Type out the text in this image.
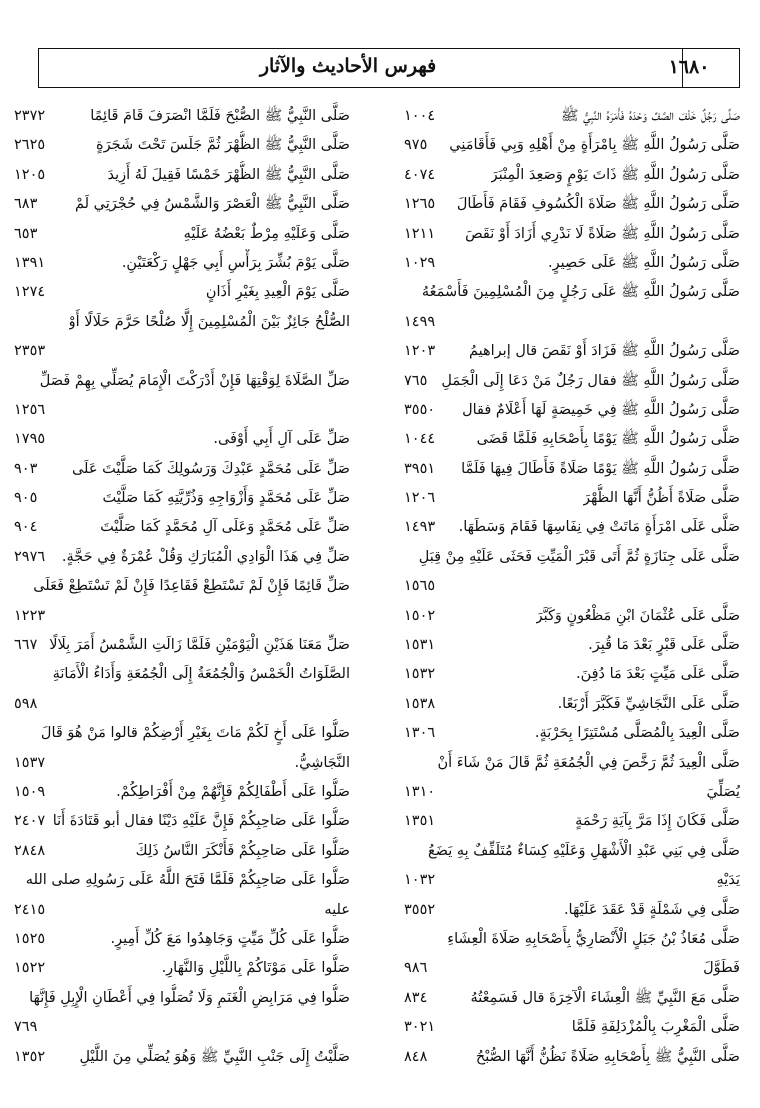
١٦٨٠
فهرس الأحاديث والآثار
صَلَّى رَجُلٌ خَلْفَ الصَّفِّ وَحْدَهُ فَأَمَرَهُ النَّبِيُّ ﷺ
١٠٠٤
صَلَّى رَسُولُ اللَّهِ ﷺ بِامْرَأَةٍ مِنْ أَهْلِهِ وَبِي فَأَقَامَنِي
٩٧٥
صَلَّى رَسُولُ اللَّهِ ﷺ ذَاتَ يَوْمٍ وَصَعِدَ الْمِنْبَرَ
٤٠٧٤
صَلَّى رَسُولُ اللَّهِ ﷺ صَلَاةَ الْكُسُوفِ فَقَامَ فَأَطَالَ
١٢٦٥
صَلَّى رَسُولُ اللَّهِ ﷺ صَلَاةً لَا نَدْرِي أَزَادَ أَوْ نَقَصَ
١٢١١
صَلَّى رَسُولُ اللَّهِ ﷺ عَلَى حَصِيرٍ.
١٠٢٩
صَلَّى رَسُولُ اللَّهِ ﷺ عَلَى رَجُلٍ مِنَ الْمُسْلِمِينَ فَأَسْمَعُهُ
١٤٩٩
صَلَّى رَسُولُ اللَّهِ ﷺ فَزَادَ أَوْ نَقَصَ قال إبراهيمُ
١٢٠٣
صَلَّى رَسُولُ اللَّهِ ﷺ فقال رَجُلٌ مَنْ دَعَا إِلَى الْجَمَلِ
٧٦٥
صَلَّى رَسُولُ اللَّهِ ﷺ فِي خَمِيصَةٍ لَهَا أَعْلَامٌ فقال
٣٥٥٠
صَلَّى رَسُولُ اللَّهِ ﷺ يَوْمًا بِأَصْحَابِهِ فَلَمَّا قَضَى
١٠٤٤
صَلَّى رَسُولُ اللَّهِ ﷺ يَوْمًا صَلَاةً فَأَطَالَ فِيهَا فَلَمَّا
٣٩٥١
صَلَّى صَلَاةً أَظُنُّ أَنَّهَا الظُّهْرَ
١٢٠٦
صَلَّى عَلَى امْرَأَةٍ مَاتَتْ فِي نِفَاسِهَا فَقَامَ وَسَطَهَا.
١٤٩٣
صَلَّى عَلَى جِنَازَةٍ ثُمَّ أَتَى قَبْرَ الْمَيِّتِ فَحَثَى عَلَيْهِ مِنْ قِبَلِ
١٥٦٥
صَلَّى عَلَى عُثْمَانَ ابْنِ مَظْعُونٍ وَكَبَّرَ
١٥٠٢
صَلَّى عَلَى قَبْرٍ بَعْدَ مَا قُبِرَ.
١٥٣١
صَلَّى عَلَى مَيِّتٍ بَعْدَ مَا دُفِنَ.
١٥٣٢
صَلَّى عَلَى النَّجَاشِيِّ فَكَبَّرَ أَرْبَعًا.
١٥٣٨
صَلَّى الْعِيدَ بِالْمُصَلَّى مُسْتَتِرًا بِحَرْبَةٍ.
١٣٠٦
صَلَّى الْعِيدَ ثُمَّ رَخَّصَ فِي الْجُمُعَةِ ثُمَّ قَالَ مَنْ شَاءَ أَنْ
يُصَلِّيَ
١٣١٠
صَلَّى فَكَانَ إِذَا مَرَّ بِآيَةِ رَحْمَةٍ
١٣٥١
صَلَّى فِي بَنِي عَبْدِ الْأَشْهَلِ وَعَلَيْهِ كِسَاءٌ مُتَلَفِّفٌ بِهِ يَضَعُ
يَدَيْهِ
١٠٣٢
صَلَّى فِي شَمْلَةٍ قَدْ عَقَدَ عَلَيْهَا.
٣٥٥٢
صَلَّى مُعَاذُ بْنُ جَبَلٍ الْأَنْصَارِيُّ بِأَصْحَابِهِ صَلَاةَ الْعِشَاءِ
فَطَوَّلَ
٩٨٦
صَلَّى مَعَ النَّبِيِّ ﷺ الْعِشَاءَ الْآخِرَةَ قال فَسَمِعْتُهُ
٨٣٤
صَلَّى الْمَغْرِبَ بِالْمُزْدَلِفَةِ فَلَمَّا
٣٠٢١
صَلَّى النَّبِيُّ ﷺ بِأَصْحَابِهِ صَلَاةً نَظُنُّ أَنَّهَا الصُّبْحُ
٨٤٨
صَلَّى النَّبِيُّ ﷺ الصُّبْحَ فَلَمَّا انْصَرَفَ قَامَ قَائِمًا
٢٣٧٢
صَلَّى النَّبِيُّ ﷺ الظُّهْرَ ثُمَّ جَلَسَ تَحْتَ شَجَرَةٍ
٢٦٢٥
صَلَّى النَّبِيُّ ﷺ الظُّهْرَ خَمْسًا فَقِيلَ لَهُ أَزِيدَ
١٢٠٥
صَلَّى النَّبِيُّ ﷺ الْعَصْرَ وَالشَّمْسُ فِي حُجْرَتِي لَمْ
٦٨٣
صَلَّى وَعَلَيْهِ مِرْطٌ بَعْضُهُ عَلَيْهِ
٦٥٣
صَلَّى يَوْمَ بُشِّرَ بِرَأْسِ أَبِي جَهْلٍ رَكْعَتَيْنِ.
١٣٩١
صَلَّى يَوْمَ الْعِيدِ بِغَيْرِ أَذَانٍ
١٢٧٤
الصُّلْحُ جَائِزٌ بَيْنَ الْمُسْلِمِينَ إِلَّا صُلْحًا حَرَّمَ حَلَالًا أَوْ
٢٣٥٣
صَلِّ الصَّلَاةَ لِوَقْتِهَا فَإِنْ أَدْرَكْتَ الْإِمَامَ يُصَلِّي بِهِمْ فَصَلِّ
١٢٥٦
صَلِّ عَلَى آلِ أَبِي أَوْفَى.
١٧٩٥
صَلِّ عَلَى مُحَمَّدٍ عَبْدِكَ وَرَسُولِكَ كَمَا صَلَّيْتَ عَلَى
٩٠٣
صَلِّ عَلَى مُحَمَّدٍ وَأَزْوَاجِهِ وَذُرِّيَّتِهِ كَمَا صَلَّيْتَ
٩٠٥
صَلِّ عَلَى مُحَمَّدٍ وَعَلَى آلِ مُحَمَّدٍ كَمَا صَلَّيْتَ
٩٠٤
صَلِّ فِي هَذَا الْوَادِي الْمُبَارَكِ وَقُلْ عُمْرَةٌ فِي حَجَّةٍ.
٢٩٧٦
صَلِّ قَائِمًا فَإِنْ لَمْ تَسْتَطِعْ فَقَاعِدًا فَإِنْ لَمْ تَسْتَطِعْ فَعَلَى
١٢٢٣
صَلِّ مَعَنَا هَذَيْنِ الْيَوْمَيْنِ فَلَمَّا زَالَتِ الشَّمْسُ أَمَرَ بِلَالًا
٦٦٧
الصَّلَوَاتُ الْخَمْسُ وَالْجُمُعَةُ إِلَى الْجُمُعَةِ وَأَدَاءُ الْأَمَانَةِ
٥٩٨
صَلُّوا عَلَى أَخٍ لَكُمْ مَاتَ بِغَيْرِ أَرْضِكُمْ قالوا مَنْ هُوَ قَالَ
النَّجَاشِيُّ.
١٥٣٧
صَلُّوا عَلَى أَطْفَالِكُمْ فَإِنَّهُمْ مِنْ أَفْرَاطِكُمْ.
١٥٠٩
صَلُّوا عَلَى صَاحِبِكُمْ فَإِنَّ عَلَيْهِ دَيْنًا فقال أبو قَتَادَةَ أَنَا
٢٤٠٧
صَلُّوا عَلَى صَاحِبِكُمْ فَأَنْكَرَ النَّاسُ ذَلِكَ
٢٨٤٨
صَلُّوا عَلَى صَاحِبِكُمْ فَلَمَّا فَتَحَ اللَّهُ عَلَى رَسُولِهِ صلى الله
عليه
٢٤١٥
صَلُّوا عَلَى كُلِّ مَيِّتٍ وَجَاهِدُوا مَعَ كُلِّ أَمِيرٍ.
١٥٢٥
صَلُّوا عَلَى مَوْتَاكُمْ بِاللَّيْلِ وَالنَّهَارِ.
١٥٢٢
صَلُّوا فِي مَرَابِضِ الْغَنَمِ وَلَا تُصَلُّوا فِي أَعْطَانِ الْإِبِلِ فَإِنَّهَا
٧٦٩
صَلَّيْتُ إِلَى جَنْبِ النَّبِيِّ ﷺ وَهُوَ يُصَلِّي مِنَ اللَّيْلِ
١٣٥٢
